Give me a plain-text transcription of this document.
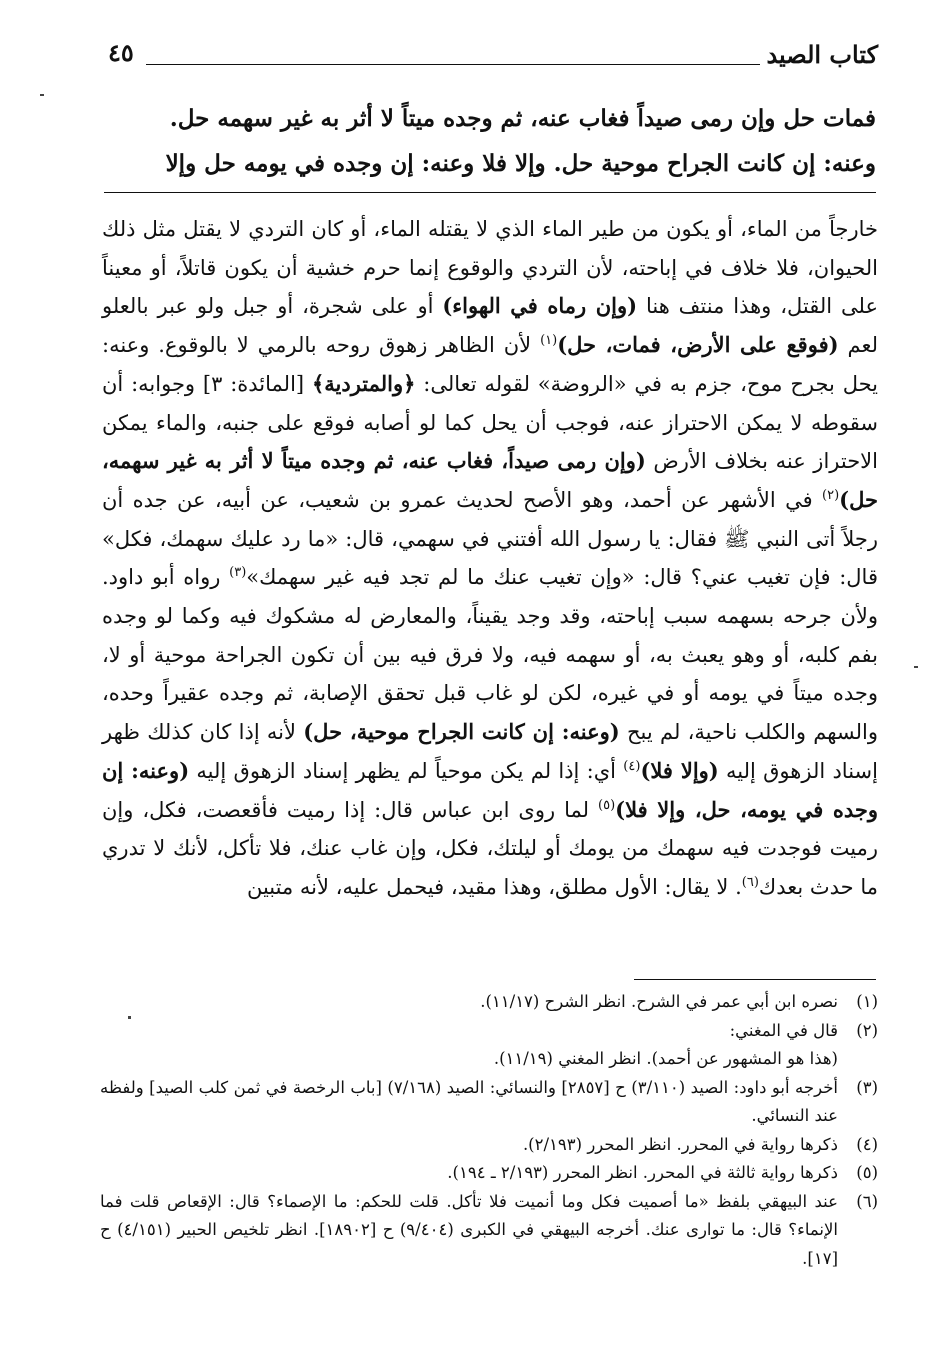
كتاب الصيد
٤٥
فمات حل وإن رمى صيداً فغاب عنه، ثم وجده ميتاً لا أثر به غير سهمه حل.
وعنه: إن كانت الجراح موحية حل. وإلا فلا وعنه: إن وجده في يومه حل وإلا
خارجاً من الماء، أو يكون من طير الماء الذي لا يقتله الماء، أو كان التردي لا يقتل مثل ذلك الحيوان، فلا خلاف في إباحته، لأن التردي والوقوع إنما حرم خشية أن يكون قاتلاً، أو معيناً على القتل، وهذا منتف هنا (وإن رماه في الهواء) أو على شجرة، أو جبل ولو عبر بالعلو لعم (فوقع على الأرض، فمات، حل)$^{(١)}$ لأن الظاهر زهوق روحه بالرمي لا بالوقوع. وعنه: يحل بجرح موح، جزم به في «الروضة» لقوله تعالى: ﴿والمتردية﴾ [المائدة: ٣] وجوابه: أن سقوطه لا يمكن الاحتراز عنه، فوجب أن يحل كما لو أصابه فوقع على جنبه، والماء يمكن الاحتراز عنه بخلاف الأرض (وإن رمى صيداً، فغاب عنه، ثم وجده ميتاً لا أثر به غير سهمه، حل)$^{(٢)}$ في الأشهر عن أحمد، وهو الأصح لحديث عمرو بن شعيب، عن أبيه، عن جده أن رجلاً أتى النبي ﷺ فقال: يا رسول الله أفتني في سهمي، قال: «ما رد عليك سهمك، فكل» قال: فإن تغيب عني؟ قال: «وإن تغيب عنك ما لم تجد فيه غير سهمك»$^{(٣)}$ رواه أبو داود. ولأن جرحه بسهمه سبب إباحته، وقد وجد يقيناً، والمعارض له مشكوك فيه وكما لو وجده بفم كلبه، أو وهو يعبث به، أو سهمه فيه، ولا فرق فيه بين أن تكون الجراحة موحية أو لا، وجده ميتاً في يومه أو في غيره، لكن لو غاب قبل تحقق الإصابة، ثم وجده عقيراً وحده، والسهم والكلب ناحية، لم يبح (وعنه: إن كانت الجراح موحية، حل) لأنه إذا كان كذلك ظهر إسناد الزهوق إليه (وإلا فلا)$^{(٤)}$ أي: إذا لم يكن موحياً لم يظهر إسناد الزهوق إليه (وعنه: إن وجده في يومه، حل، وإلا فلا)$^{(٥)}$ لما روى ابن عباس قال: إذا رميت فأقعصت، فكل، وإن رميت فوجدت فيه سهمك من يومك أو ليلتك، فكل، وإن غاب عنك، فلا تأكل، لأنك لا تدري ما حدث بعدك$^{(٦)}$. لا يقال: الأول مطلق، وهذا مقيد، فيحمل عليه، لأنه متبين
(١)
نصره ابن أبي عمر في الشرح. انظر الشرح (١١/١٧).
(٢)
قال في المغني:
(هذا هو المشهور عن أحمد). انظر المغني (١١/١٩).
(٣)
أخرجه أبو داود: الصيد (٣/١١٠) ح [٢٨٥٧] والنسائي: الصيد (٧/١٦٨) [باب الرخصة في ثمن كلب الصيد] ولفظه عند النسائي.
(٤)
ذكرها رواية في المحرر. انظر المحرر (٢/١٩٣).
(٥)
ذكرها رواية ثالثة في المحرر. انظر المحرر (٢/١٩٣ ـ ١٩٤).
(٦)
عند البيهقي بلفظ «ما أصميت فكل وما أنميت فلا تأكل. قلت للحكم: ما الإصماء؟ قال: الإقعاص قلت فما الإنماء؟ قال: ما توارى عنك. أخرجه البيهقي في الكبرى (٩/٤٠٤) ح [١٨٩٠٢]. انظر تلخيص الحبير (٤/١٥١) ح [١٧].
